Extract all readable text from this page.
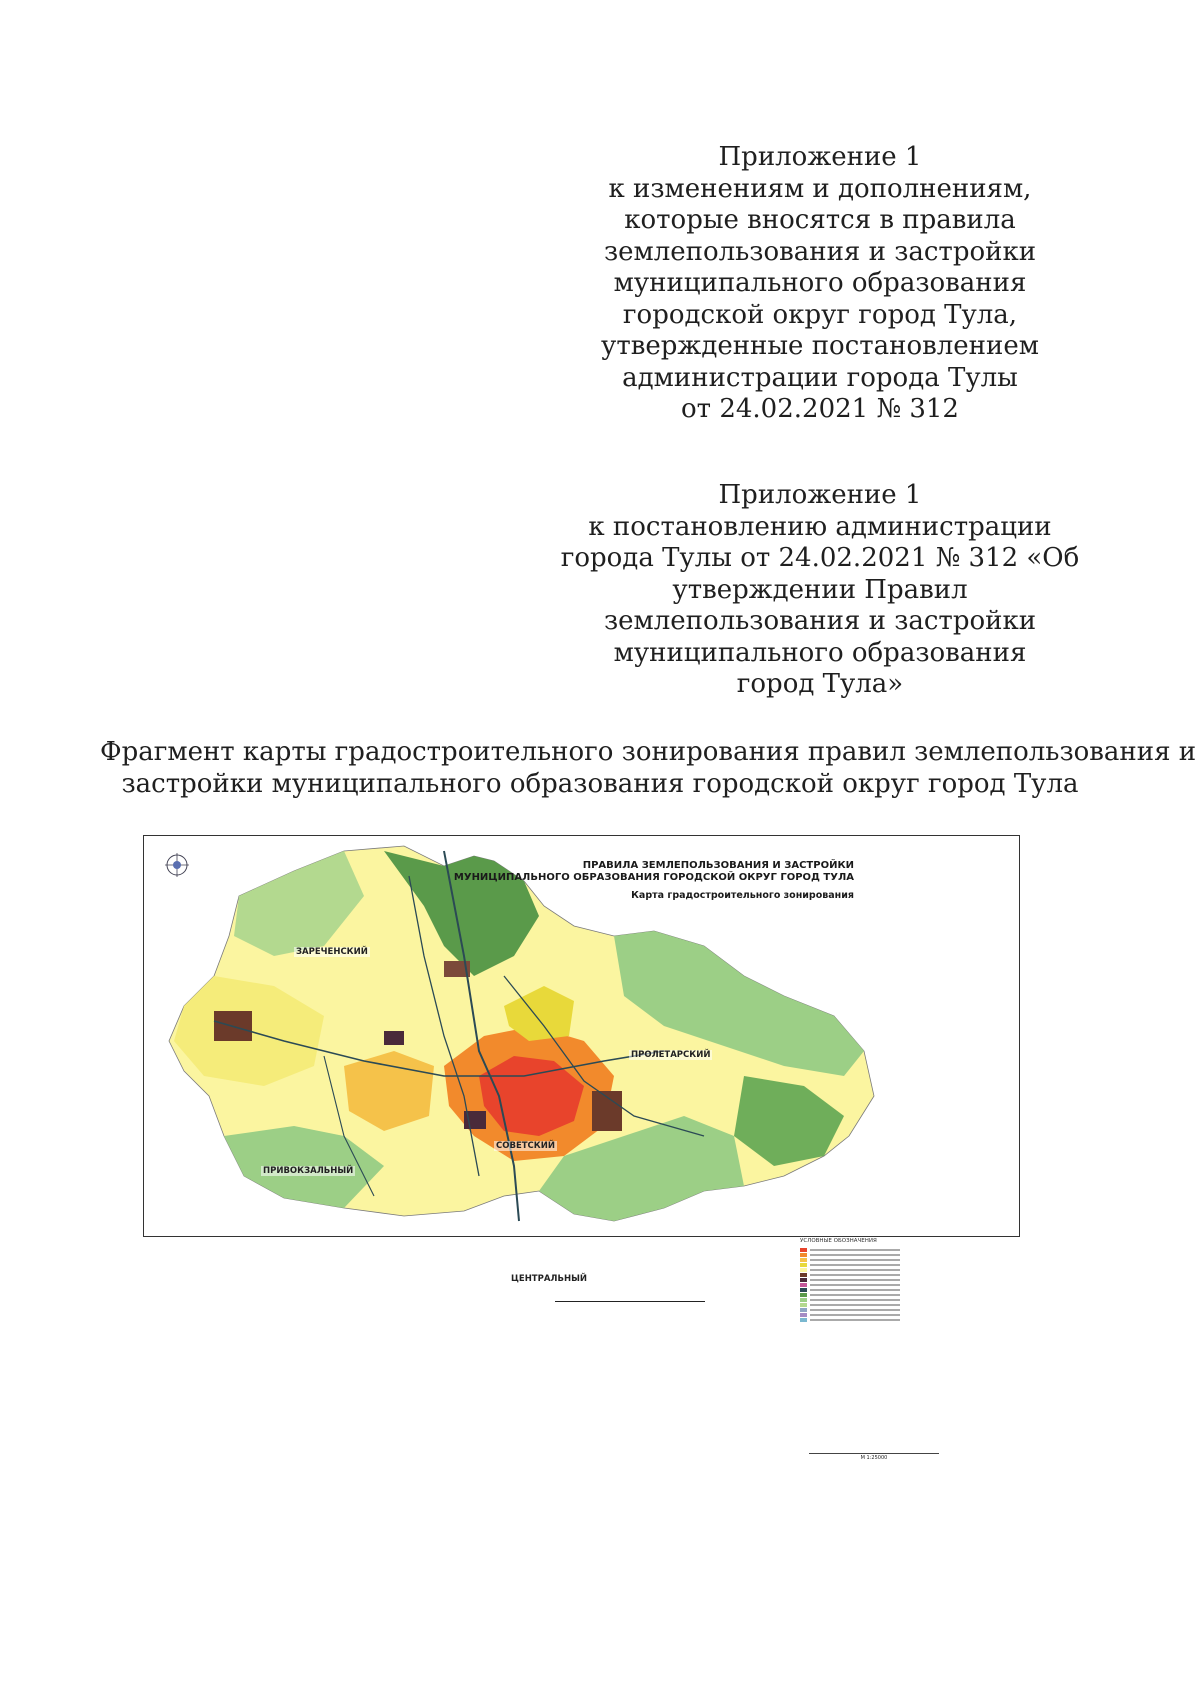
Приложение 1
к изменениям и дополнениям,
которые вносятся в правила
землепользования и застройки
муниципального образования
городской округ город Тула,
утвержденные постановлением
администрации города Тулы
от 24.02.2021 № 312
Приложение 1
к постановлению администрации
города Тулы от 24.02.2021 № 312 «Об
утверждении Правил
землепользования и застройки
муниципального образования
город Тула»
Фрагмент карты градостроительного зонирования правил землепользования и
застройки муниципального образования городской округ город Тула
ПРАВИЛА ЗЕМЛЕПОЛЬЗОВАНИЯ И ЗАСТРОЙКИ
МУНИЦИПАЛЬНОГО ОБРАЗОВАНИЯ ГОРОДСКОЙ ОКРУГ ГОРОД ТУЛА
Карта градостроительного зонирования
ЗАРЕЧЕНСКИЙ
ПРОЛЕТАРСКИЙ
ПРИВОКЗАЛЬНЫЙ
СОВЕТСКИЙ
ЦЕНТРАЛЬНЫЙ
УСЛОВНЫЕ ОБОЗНАЧЕНИЯ
М 1:25000
